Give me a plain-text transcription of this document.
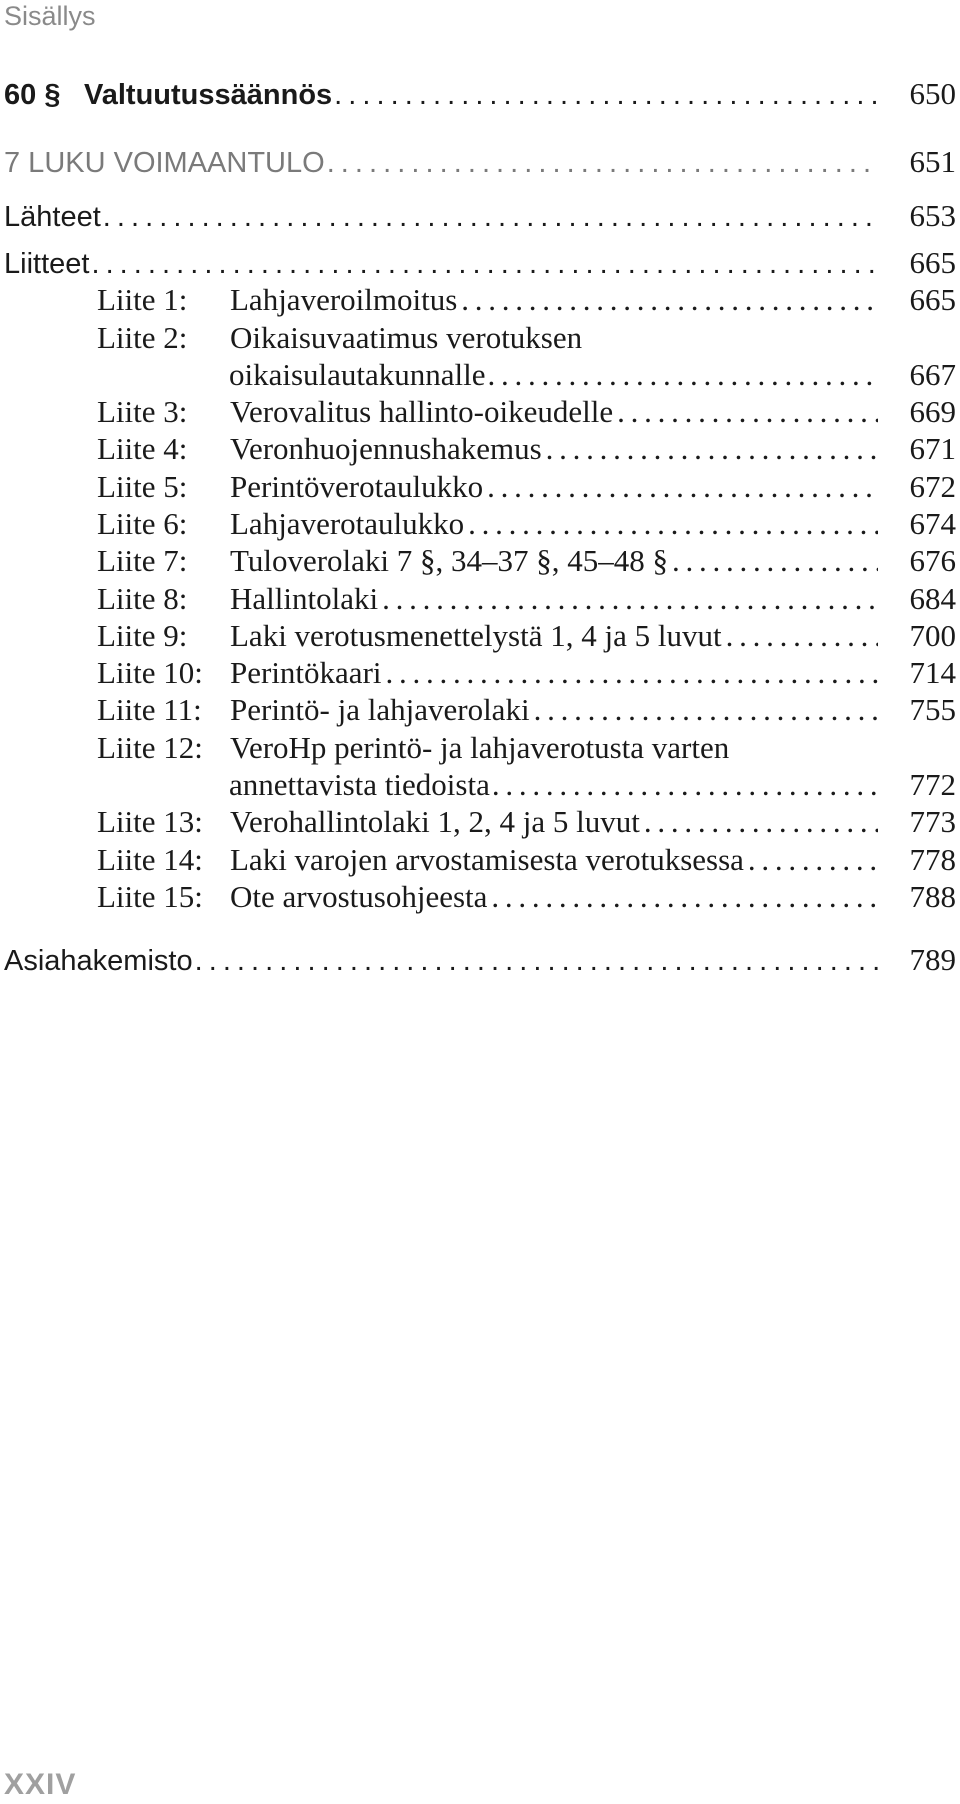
Sisällys
60 § Valtuutussäännös . . .	650
7 LUKU VOIMAANTULO . . .	651
Lähteet . . .	653
Liitteet . . .	665
Liite 1: Lahjaveroilmoitus . . .	665
Liite 2: Oikaisuvaatimus verotuksen
oikaisulautakunnalle . . .	667
Liite 3: Verovalitus hallinto-oikeudelle . . .	669
Liite 4: Veronhuojennushakemus . . .	671
Liite 5: Perintöverotaulukko . . .	672
Liite 6: Lahjaverotaulukko . . .	674
Liite 7: Tuloverolaki 7 §, 34–37 §, 45–48 § . . .	676
Liite 8: Hallintolaki . . .	684
Liite 9: Laki verotusmenettelystä 1, 4 ja 5 luvut . . .	700
Liite 10: Perintökaari . . .	714
Liite 11: Perintö- ja lahjaverolaki . . .	755
Liite 12: VeroHp perintö- ja lahjaverotusta varten
annettavista tiedoista . . .	772
Liite 13: Verohallintolaki 1, 2, 4 ja 5 luvut . . .	773
Liite 14: Laki varojen arvostamisesta verotuksessa . . .	778
Liite 15: Ote arvostusohjeesta . . .	788
Asiahakemisto . . .	789
XXIV
